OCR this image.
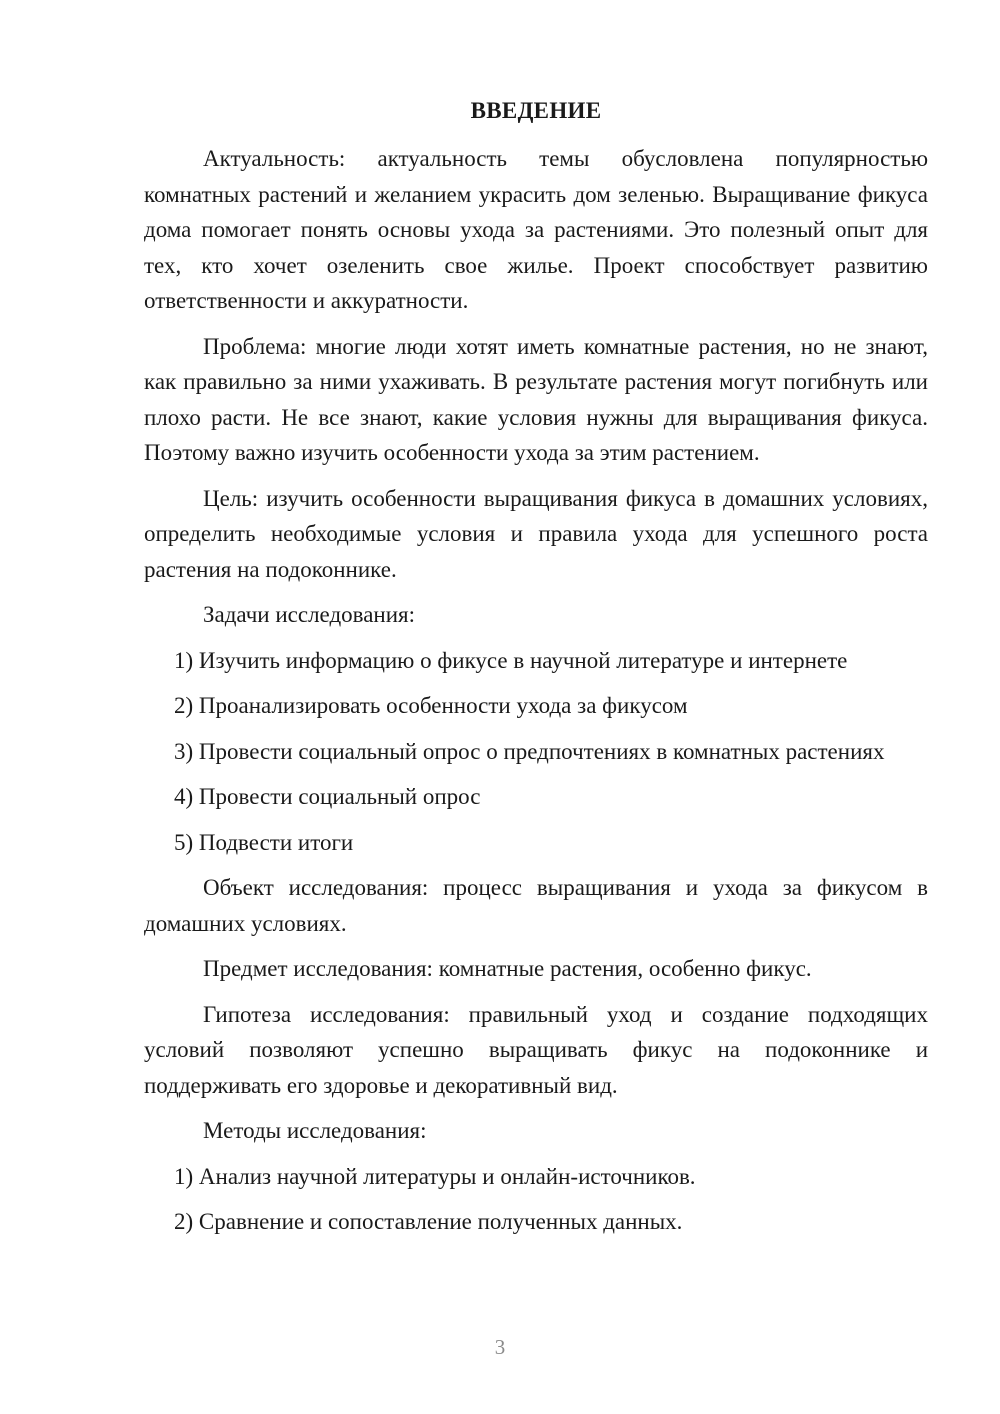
ВВЕДЕНИЕ

Актуальность: актуальность темы обусловлена популярностью комнатных растений и желанием украсить дом зеленью. Выращивание фикуса дома помогает понять основы ухода за растениями. Это полезный опыт для тех, кто хочет озеленить свое жилье. Проект способствует развитию ответственности и аккуратности.

Проблема: многие люди хотят иметь комнатные растения, но не знают, как правильно за ними ухаживать. В результате растения могут погибнуть или плохо расти. Не все знают, какие условия нужны для выращивания фикуса. Поэтому важно изучить особенности ухода за этим растением.

Цель: изучить особенности выращивания фикуса в домашних условиях, определить необходимые условия и правила ухода для успешного роста растения на подоконнике.

Задачи исследования:

1) Изучить информацию о фикусе в научной литературе и интернете

2) Проанализировать особенности ухода за фикусом

3) Провести социальный опрос о предпочтениях в комнатных растениях

4) Провести социальный опрос

5) Подвести итоги

Объект исследования: процесс выращивания и ухода за фикусом в домашних условиях.

Предмет исследования: комнатные растения, особенно фикус.

Гипотеза исследования: правильный уход и создание подходящих условий позволяют успешно выращивать фикус на подоконнике и поддерживать его здоровье и декоративный вид.

Методы исследования:

1) Анализ научной литературы и онлайн-источников.

2) Сравнение и сопоставление полученных данных.

3
